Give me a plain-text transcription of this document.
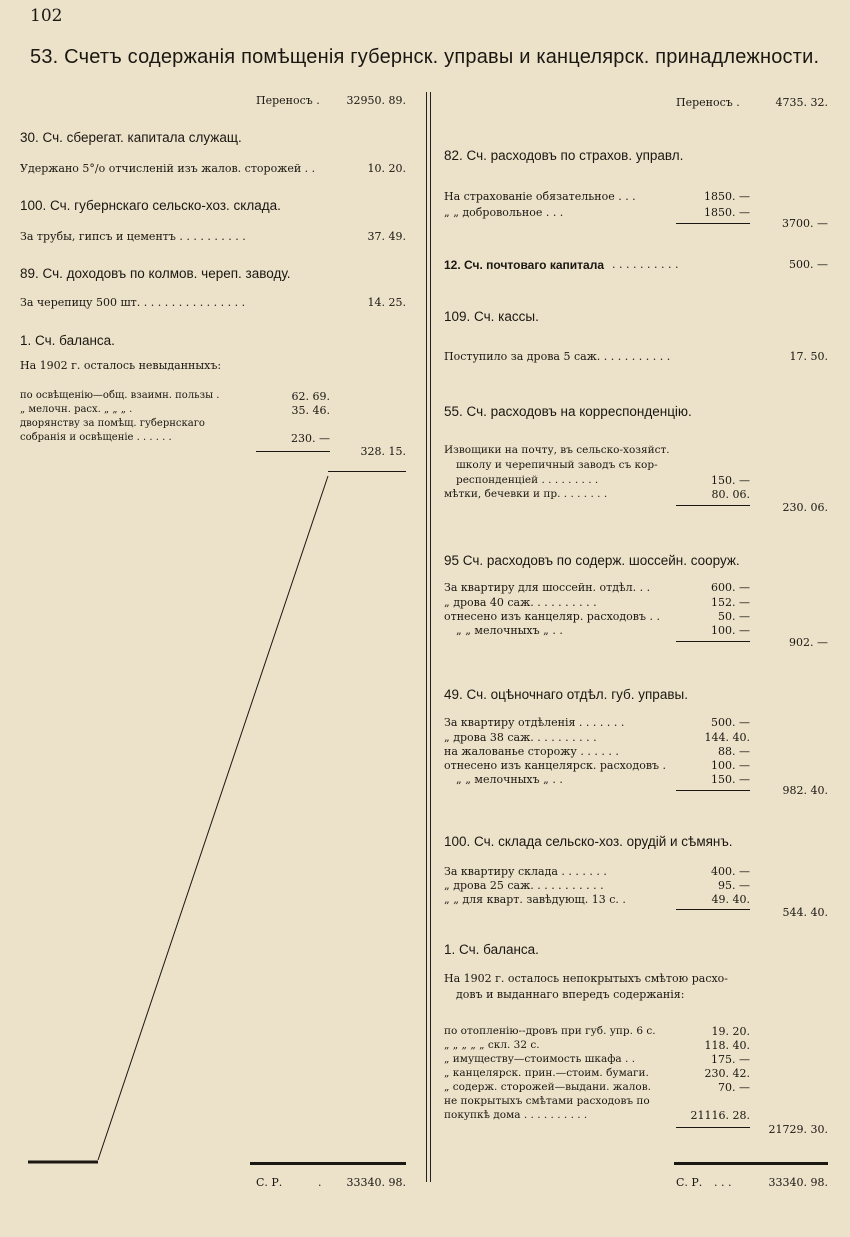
102
53. Счетъ содержанія помѣщенія губернск. управы и канцелярск. принадлежности.
Переносъ .	32950. 89.
30. Сч. сберегат. капитала служащ.
Удержано 5°/о отчисленій изъ жалов. сторожей . .	10. 20.
100. Сч. губернскаго сельско-хоз. склада.
За трубы, гипсъ и цементъ . . . . . . . . . .	37. 49.
89. Сч. доходовъ по колмов. череп. заводу.
За черепицу 500 шт. . . . . . . . . . . . . . . .	14. 25.
1. Сч. баланса.
На 1902 г. осталось невыданныхъ:
по освѣщенію—общ. взаимн. пользы .	62. 69.
„ мелочн. расх. „ „ „ .	35. 46.
дворянству за помѣщ. губернскаго
собранія и освѣщеніе . . . . . .	230. —
328. 15.
С. Р.	.	33340. 98.
Переносъ .	4735. 32.
82. Сч. расходовъ по страхов. управл.
На страхованіе обязательное . . .	1850. —
„ „ добровольное . . .	1850. —
3700. —
12. Сч. почтоваго капитала . . . . . . . . . .	500. —
109. Сч. кассы.
Поступило за дрова 5 саж. . . . . . . . . . .	17. 50.
55. Сч. расходовъ на корреспонденцію.
Извощики на почту, въ сельско-хозяйст.
школу и черепичный заводъ съ кор-
респонденціей . . . . . . . . .	150. —
мѣтки, бечевки и пр. . . . . . . .	80. 06.
230. 06.
95 Сч. расходовъ по содерж. шоссейн. сооруж.
За квартиру для шоссейн. отдѣл. . .	600. —
„ дрова 40 саж. . . . . . . . . .	152. —
отнесено изъ канцеляр. расходовъ . .	50. —
„ „ мелочныхъ „ . .	100. —
902. —
49. Сч. оцѣночнаго отдѣл. губ. управы.
За квартиру отдѣленія . . . . . . .	500. —
„ дрова 38 саж. . . . . . . . . .	144. 40.
на жалованье сторожу . . . . . .	88. —
отнесено изъ канцелярск. расходовъ .	100. —
„ „ мелочныхъ „ . .	150. —
982. 40.
100. Сч. склада сельско-хоз. орудій и сѣмянъ.
За квартиру склада . . . . . . .	400. —
„ дрова 25 саж. . . . . . . . . . .	95. —
„ „ для кварт. завѣдующ. 13 с. .	49. 40.
544. 40.
1. Сч. баланса.
На 1902 г. осталось непокрытыхъ смѣтою расхо-
довъ и выданнаго впередъ содержанія:
по отопленію--дровъ при губ. упр. 6 с.	19. 20.
„ „ „ „ „ скл. 32 с.	118. 40.
„ имуществу—стоимость шкафа . .	175. —
„ канцелярск. прин.—стоим. бумаги.	230. 42.
„ содерж. сторожей—выдани. жалов.	70. —
не покрытыхъ смѣтами расходовъ по
покупкѣ дома . . . . . . . . . .	21116. 28.
21729. 30.
С. Р. . . .	33340. 98.
